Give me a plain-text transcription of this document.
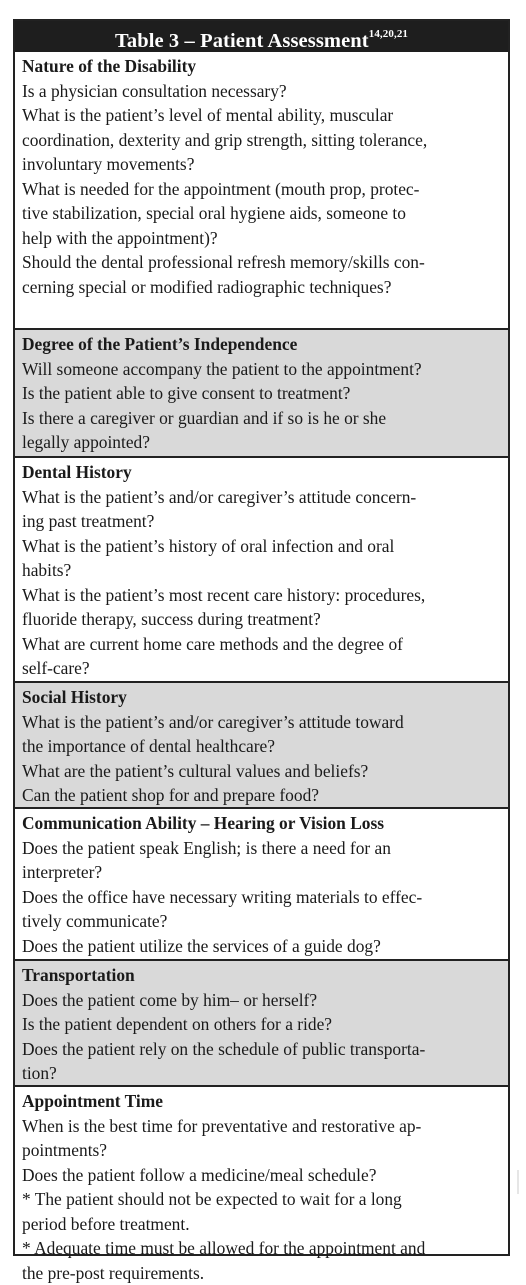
Table 3 – Patient Assessment$^{14,20,21}$
Nature of the Disability
Is a physician consultation necessary?
What is the patient’s level of mental ability, muscular
coordination, dexterity and grip strength, sitting tolerance,
involuntary movements?
What is needed for the appointment (mouth prop, protec-
tive stabilization, special oral hygiene aids, someone to
help with the appointment)?
Should the dental professional refresh memory/skills con-
cerning special or modified radiographic techniques?
Degree of the Patient’s Independence
Will someone accompany the patient to the appointment?
Is the patient able to give consent to treatment?
Is there a caregiver or guardian and if so is he or she
legally appointed?
Dental History
What is the patient’s and/or caregiver’s attitude concern-
ing past treatment?
What is the patient’s history of oral infection and oral
habits?
What is the patient’s most recent care history: procedures,
fluoride therapy, success during treatment?
What are current home care methods and the degree of
self-care?
Social History
What is the patient’s and/or caregiver’s attitude toward
the importance of dental healthcare?
What are the patient’s cultural values and beliefs?
Can the patient shop for and prepare food?
Communication Ability – Hearing or Vision Loss
Does the patient speak English; is there a need for an
interpreter?
Does the office have necessary writing materials to effec-
tively communicate?
Does the patient utilize the services of a guide dog?
Transportation
Does the patient come by him– or herself?
Is the patient dependent on others for a ride?
Does the patient rely on the schedule of public transporta-
tion?
Appointment Time
When is the best time for preventative and restorative ap-
pointments?
Does the patient follow a medicine/meal schedule?
* The patient should not be expected to wait for a long
period before treatment.
* Adequate time must be allowed for the appointment and
the pre-post requirements.
